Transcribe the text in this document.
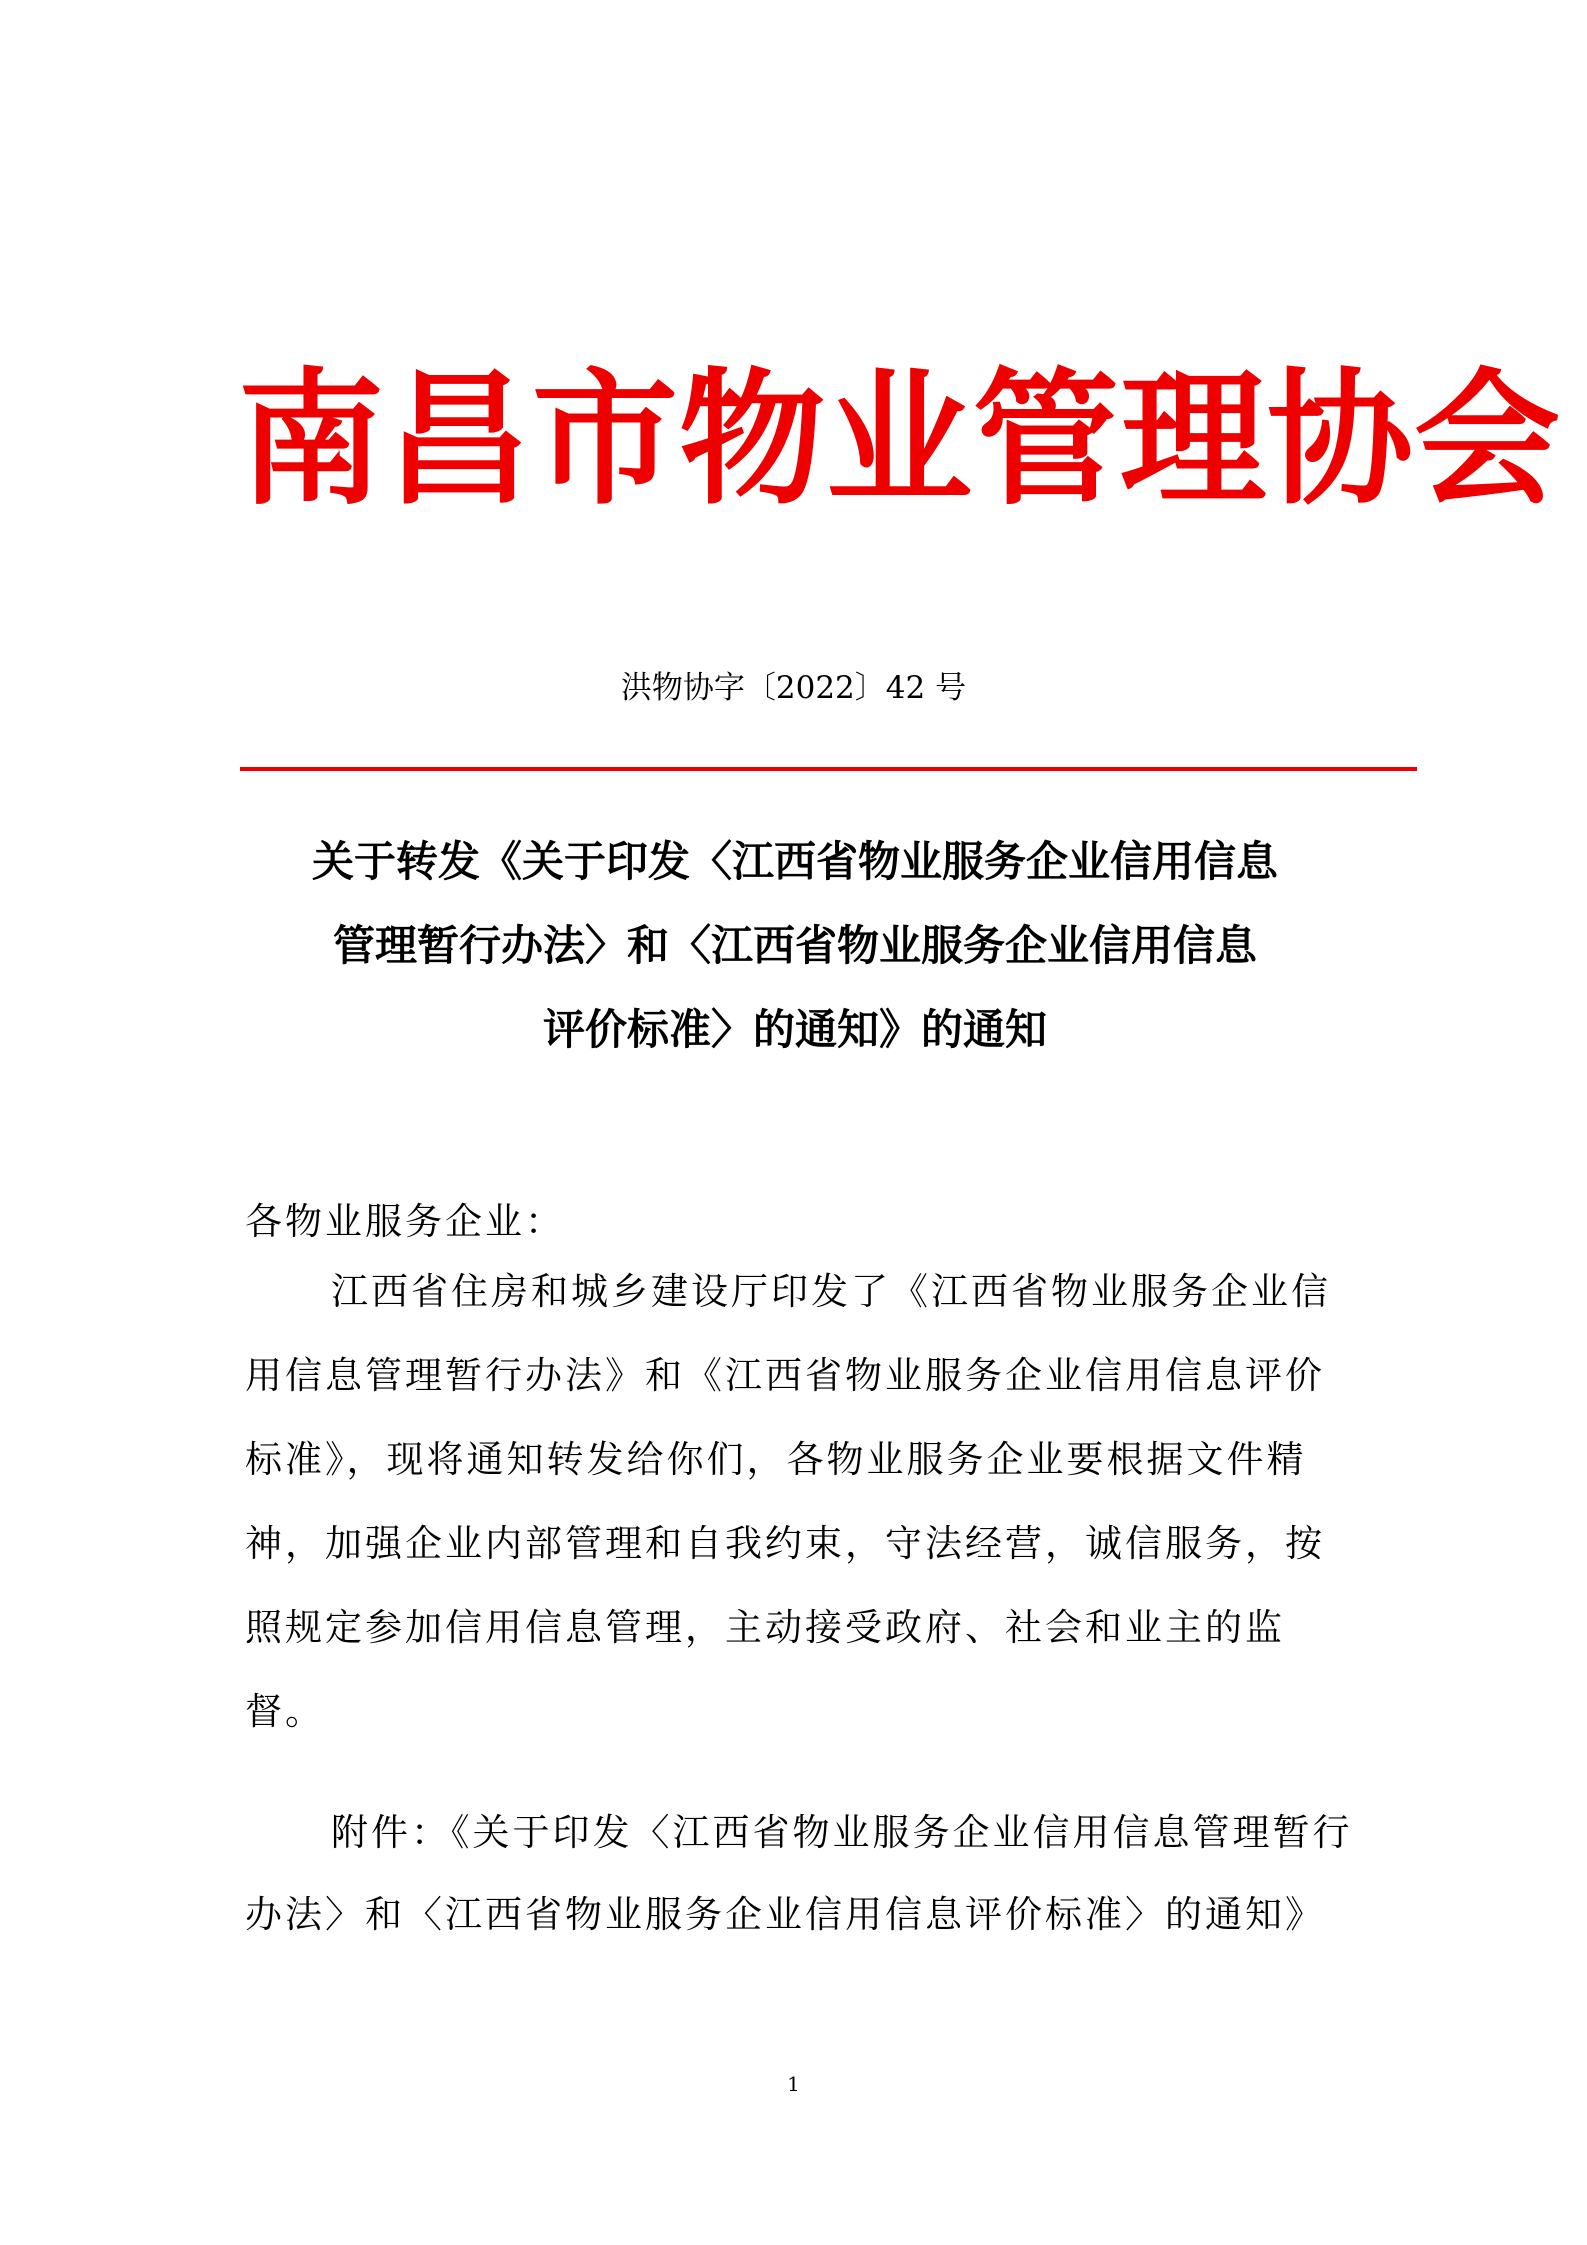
南昌市物业管理协会
洪物协字〔2022〕42 号
关于转发《关于印发〈江西省物业服务企业信用信息
管理暂行办法〉和〈江西省物业服务企业信用信息
评价标准〉的通知》的通知
各物业服务企业：
江西省住房和城乡建设厅印发了《江西省物业服务企业信用信息管理暂行办法》和《江西省物业服务企业信用信息评价标准》，现将通知转发给你们，各物业服务企业要根据文件精神，加强企业内部管理和自我约束，守法经营，诚信服务，按照规定参加信用信息管理，主动接受政府、社会和业主的监督。
附件：《关于印发〈江西省物业服务企业信用信息管理暂行办法〉和〈江西省物业服务企业信用信息评价标准〉的通知》
1
